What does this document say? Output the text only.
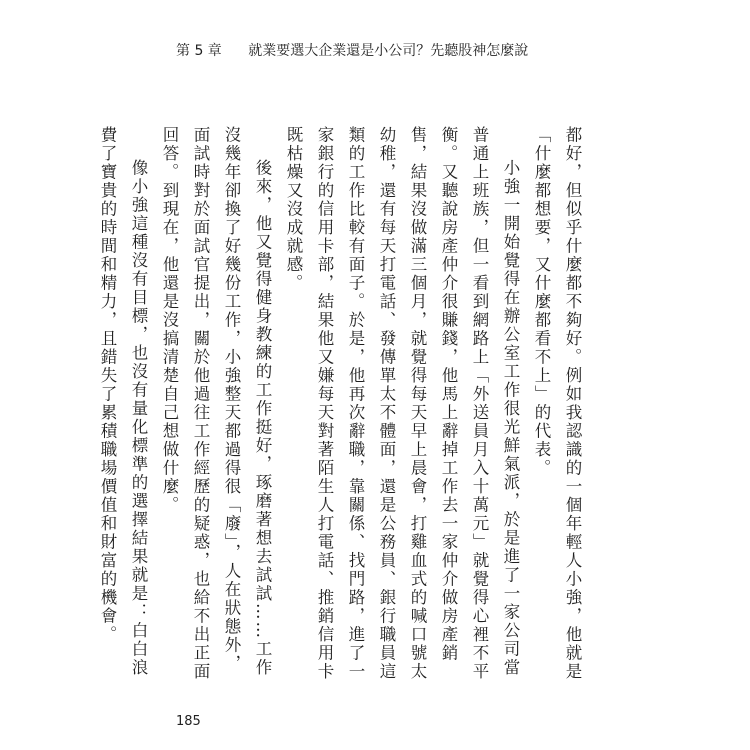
第 5 章 就業要選大企業還是小公司？先聽股神怎麼說

都好，但似乎什麼都不夠好。例如我認識的一個年輕人小強，他就是「什麼都想要，又什麼都看不上」的代表。

小強一開始覺得在辦公室工作很光鮮氣派，於是進了一家公司當普通上班族，但一看到網路上「外送員月入十萬元」就覺得心裡不平衡。又聽說房產仲介很賺錢，他馬上辭掉工作去一家仲介做房產銷售，結果沒做滿三個月，就覺得每天早上晨會，打雞血式的喊口號太幼稚，還有每天打電話、發傳單太不體面，還是公務員、銀行職員這類的工作比較有面子。於是，他再次辭職，靠關係、找門路，進了一家銀行的信用卡部，結果他又嫌每天對著陌生人打電話、推銷信用卡既枯燥又沒成就感。

後來，他又覺得健身教練的工作挺好，琢磨著想去試試……工作沒幾年卻換了好幾份工作，小強整天都過得很「廢」，人在狀態外，面試時對於面試官提出，關於他過往工作經歷的疑惑，也給不出正面回答。到現在，他還是沒搞清楚自己想做什麼。

像小強這種沒有目標，也沒有量化標準的選擇結果就是：白白浪費了寶貴的時間和精力，且錯失了累積職場價值和財富的機會。

185
